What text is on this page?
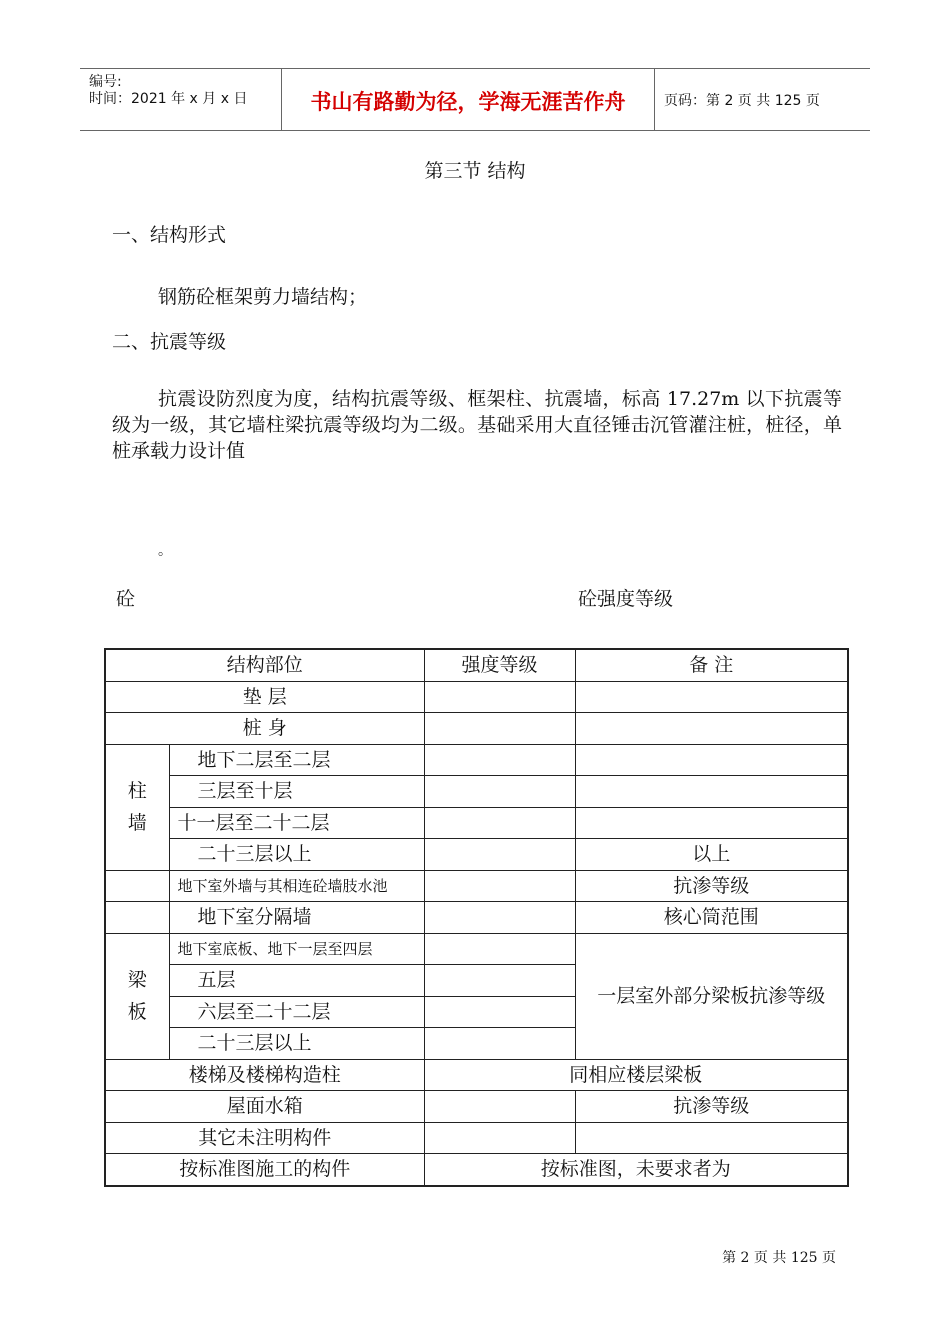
编号:
时间：2021 年 x 月 x 日	书山有路勤为径，学海无涯苦作舟	页码：第 2 页 共 125 页
第三节 结构
一、结构形式
钢筋砼框架剪力墙结构；
二、抗震等级
抗震设防烈度为度，结构抗震等级、框架柱、抗震墙，标高 17.27m 以下抗震等级为一级，其它墙柱梁抗震等级均为二级。基础采用大直径锤击沉管灌注桩，桩径，单桩承载力设计值
。
砼	砼强度等级
结构部位		强度等级	备 注
垫 层			
桩 身			

柱
墙	地下二层至二层		
	三层至十层		
	十一层至二十二层		
	二十三层以上		以上
	地下室外墙与其相连砼墙肢水池		抗渗等级
	地下室分隔墙		核心筒范围

梁
板	地下室底板、地下一层至四层		一层室外部分梁板抗渗等级
	五层		
	六层至二十二层		
	二十三层以上		
楼梯及楼梯构造柱		同相应楼层梁板	
屋面水箱			抗渗等级
其它未注明构件			
按标准图施工的构件		按标准图，未要求者为	
第 2 页 共 125 页
